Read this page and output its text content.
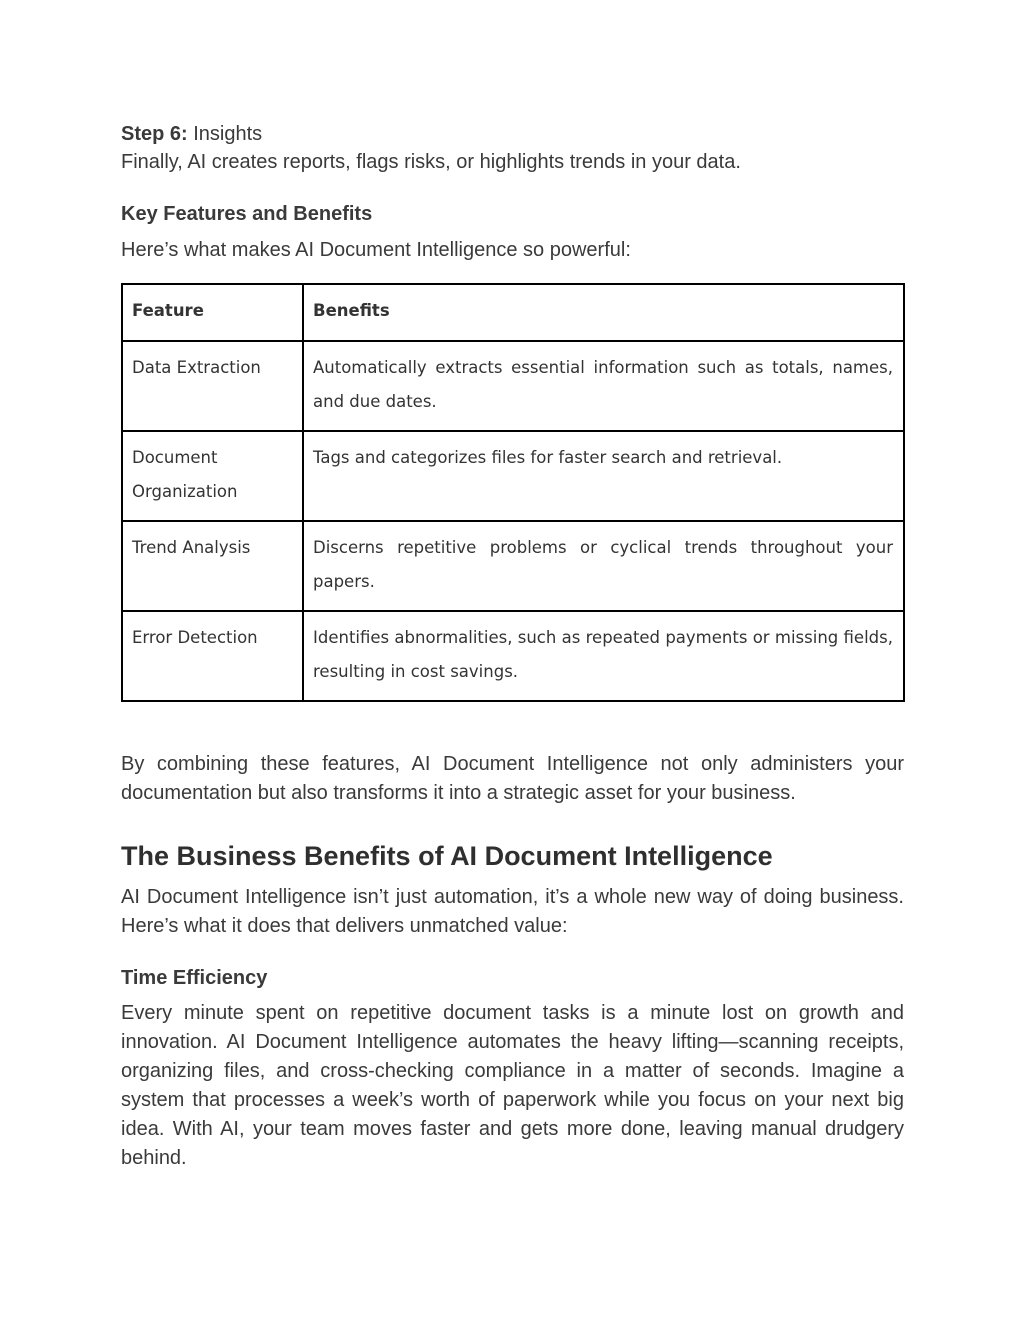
Step 6: Insights
Finally, AI creates reports, flags risks, or highlights trends in your data.
Key Features and Benefits
Here’s what makes AI Document Intelligence so powerful:
Feature	Benefits
Data Extraction	Automatically extracts essential information such as totals, names, and due dates.
Document Organization	Tags and categorizes files for faster search and retrieval.
Trend Analysis	Discerns repetitive problems or cyclical trends throughout your papers.
Error Detection	Identifies abnormalities, such as repeated payments or missing fields, resulting in cost savings.
By combining these features, AI Document Intelligence not only administers your documentation but also transforms it into a strategic asset for your business.
The Business Benefits of AI Document Intelligence
AI Document Intelligence isn’t just automation, it’s a whole new way of doing business. Here’s what it does that delivers unmatched value:
Time Efficiency
Every minute spent on repetitive document tasks is a minute lost on growth and innovation. AI Document Intelligence automates the heavy lifting—scanning receipts, organizing files, and cross-checking compliance in a matter of seconds. Imagine a system that processes a week’s worth of paperwork while you focus on your next big idea. With AI, your team moves faster and gets more done, leaving manual drudgery behind.
